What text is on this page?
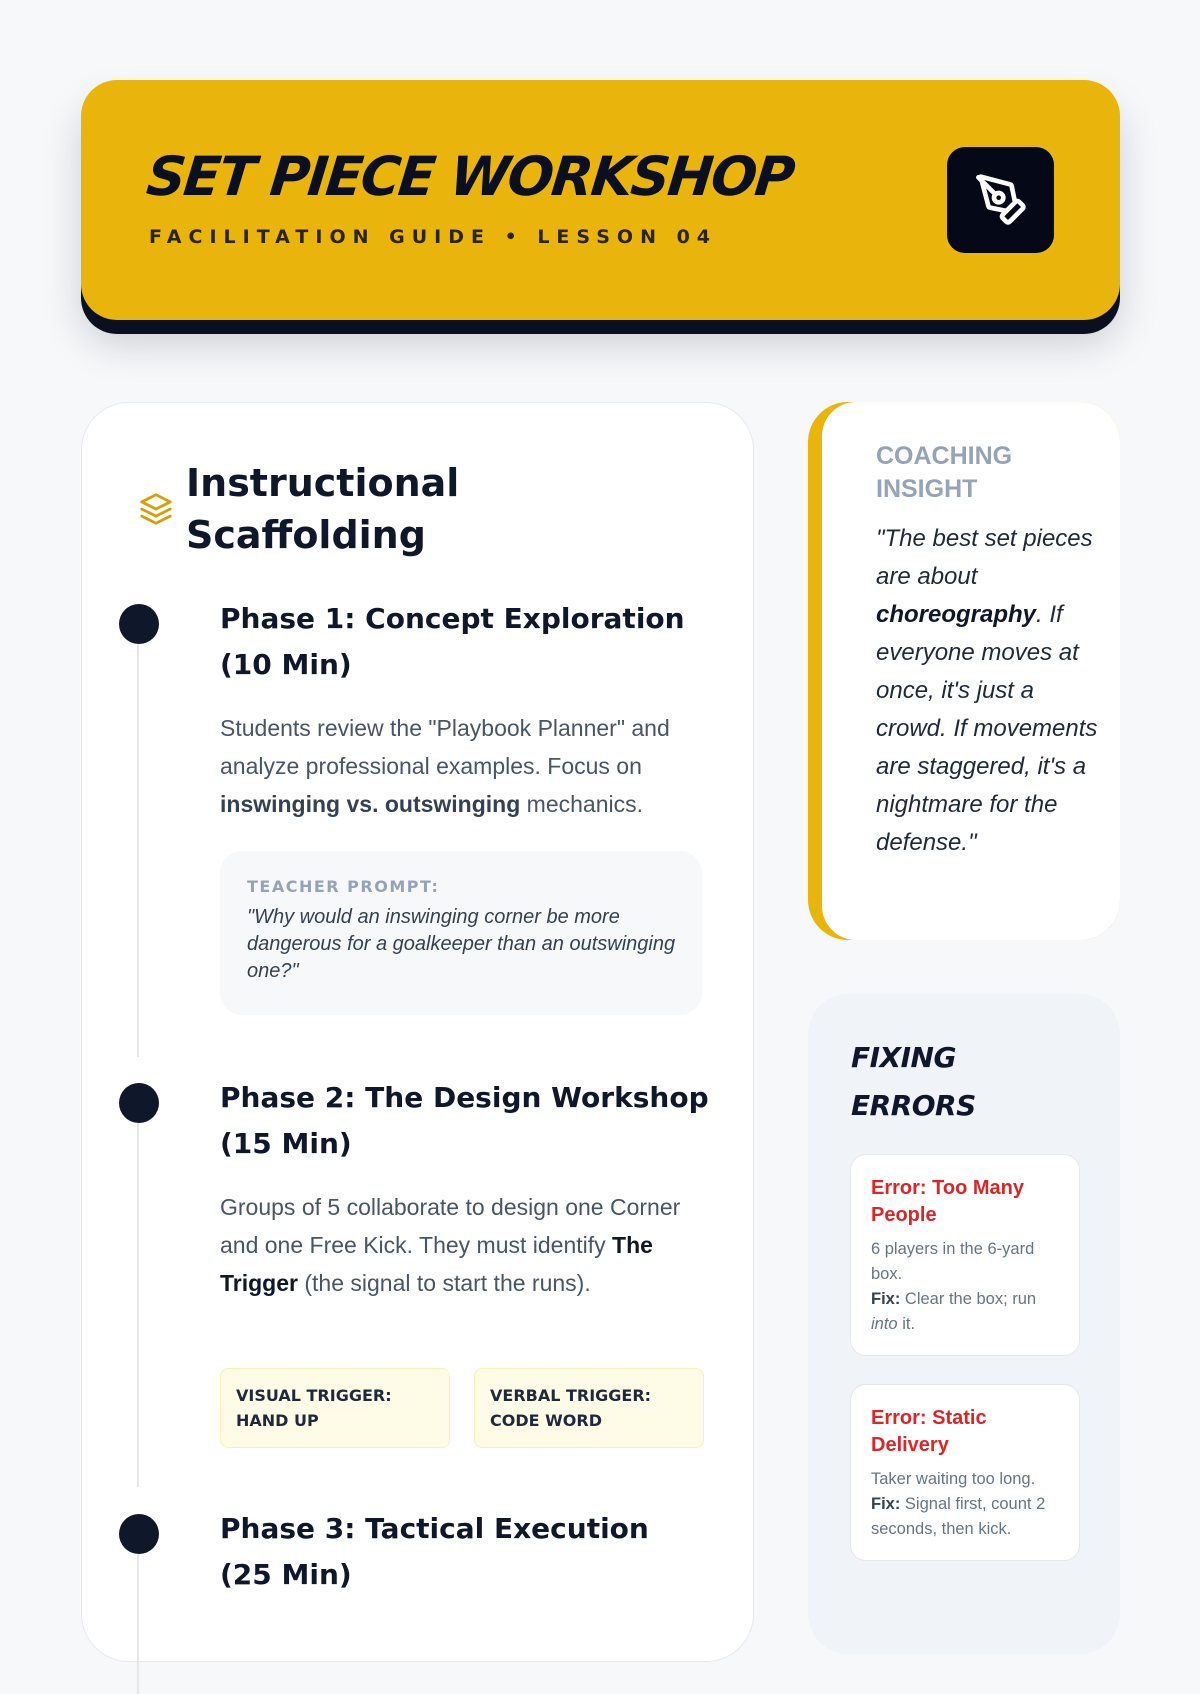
SET PIECE WORKSHOP
FACILITATION GUIDE • LESSON 04
Instructional Scaffolding
Phase 1: Concept Exploration (10 Min)

Students review the "Playbook Planner" and analyze professional examples. Focus on inswinging vs. outswinging mechanics.

TEACHER PROMPT:
"Why would an inswinging corner be more dangerous for a goalkeeper than an outswinging one?"
Phase 2: The Design Workshop (15 Min)

Groups of 5 collaborate to design one Corner and one Free Kick. They must identify The Trigger (the signal to start the runs).

VISUAL TRIGGER: HAND UP
VERBAL TRIGGER: CODE WORD
Phase 3: Tactical Execution (25 Min)
COACHING INSIGHT

"The best set pieces are about choreography. If everyone moves at once, it's just a crowd. If movements are staggered, it's a nightmare for the defense."

FIXING ERRORS
Error: Too Many People
6 players in the 6-yard box.
Fix: Clear the box; run into it.
Error: Static Delivery
Taker waiting too long.
Fix: Signal first, count 2 seconds, then kick.
